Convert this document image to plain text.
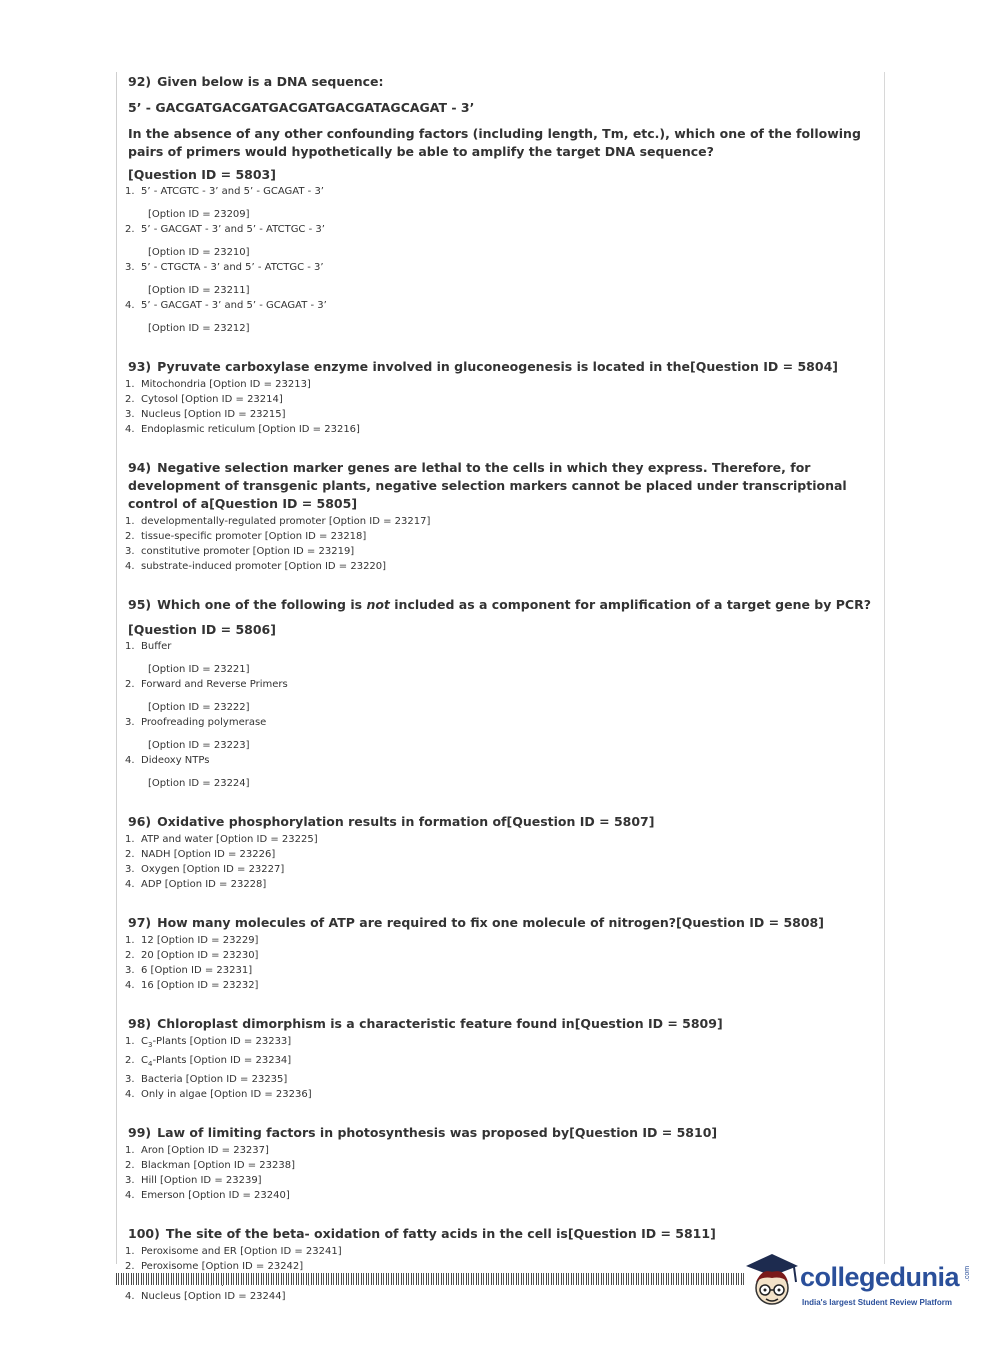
92) Given below is a DNA sequence:
5’ - GACGATGACGATGACGATGACGATAGCAGAT - 3’
In the absence of any other confounding factors (including length, Tm, etc.), which one of the following pairs of primers would hypothetically be able to amplify the target DNA sequence?
[Question ID = 5803]
1. 5’ - ATCGTC - 3’ and 5’ - GCAGAT - 3’
[Option ID = 23209]
2. 5’ - GACGAT - 3’ and 5’ - ATCTGC - 3’
[Option ID = 23210]
3. 5’ - CTGCTA - 3’ and 5’ - ATCTGC - 3’
[Option ID = 23211]
4. 5’ - GACGAT - 3’ and 5’ - GCAGAT - 3’
[Option ID = 23212]
93) Pyruvate carboxylase enzyme involved in gluconeogenesis is located in the[Question ID = 5804]
1. Mitochondria [Option ID = 23213]
2. Cytosol [Option ID = 23214]
3. Nucleus [Option ID = 23215]
4. Endoplasmic reticulum [Option ID = 23216]
94) Negative selection marker genes are lethal to the cells in which they express. Therefore, for development of transgenic plants, negative selection markers cannot be placed under transcriptional control of a[Question ID = 5805]
1. developmentally-regulated promoter [Option ID = 23217]
2. tissue-specific promoter [Option ID = 23218]
3. constitutive promoter [Option ID = 23219]
4. substrate-induced promoter [Option ID = 23220]
95) Which one of the following is not included as a component for amplification of a target gene by PCR?
[Question ID = 5806]
1. Buffer
[Option ID = 23221]
2. Forward and Reverse Primers
[Option ID = 23222]
3. Proofreading polymerase
[Option ID = 23223]
4. Dideoxy NTPs
[Option ID = 23224]
96) Oxidative phosphorylation results in formation of[Question ID = 5807]
1. ATP and water [Option ID = 23225]
2. NADH [Option ID = 23226]
3. Oxygen [Option ID = 23227]
4. ADP [Option ID = 23228]
97) How many molecules of ATP are required to fix one molecule of nitrogen?[Question ID = 5808]
1. 12 [Option ID = 23229]
2. 20 [Option ID = 23230]
3. 6 [Option ID = 23231]
4. 16 [Option ID = 23232]
98) Chloroplast dimorphism is a characteristic feature found in[Question ID = 5809]
1. $C_3$-Plants [Option ID = 23233]
2. $C_4$-Plants [Option ID = 23234]
3. Bacteria [Option ID = 23235]
4. Only in algae [Option ID = 23236]
99) Law of limiting factors in photosynthesis was proposed by[Question ID = 5810]
1. Aron [Option ID = 23237]
2. Blackman [Option ID = 23238]
3. Hill [Option ID = 23239]
4. Emerson [Option ID = 23240]
100) The site of the beta- oxidation of fatty acids in the cell is[Question ID = 5811]
1. Peroxisome and ER [Option ID = 23241]
2. Peroxisome [Option ID = 23242]
4. Nucleus [Option ID = 23244]
collegedunia .com
India's largest Student Review Platform
